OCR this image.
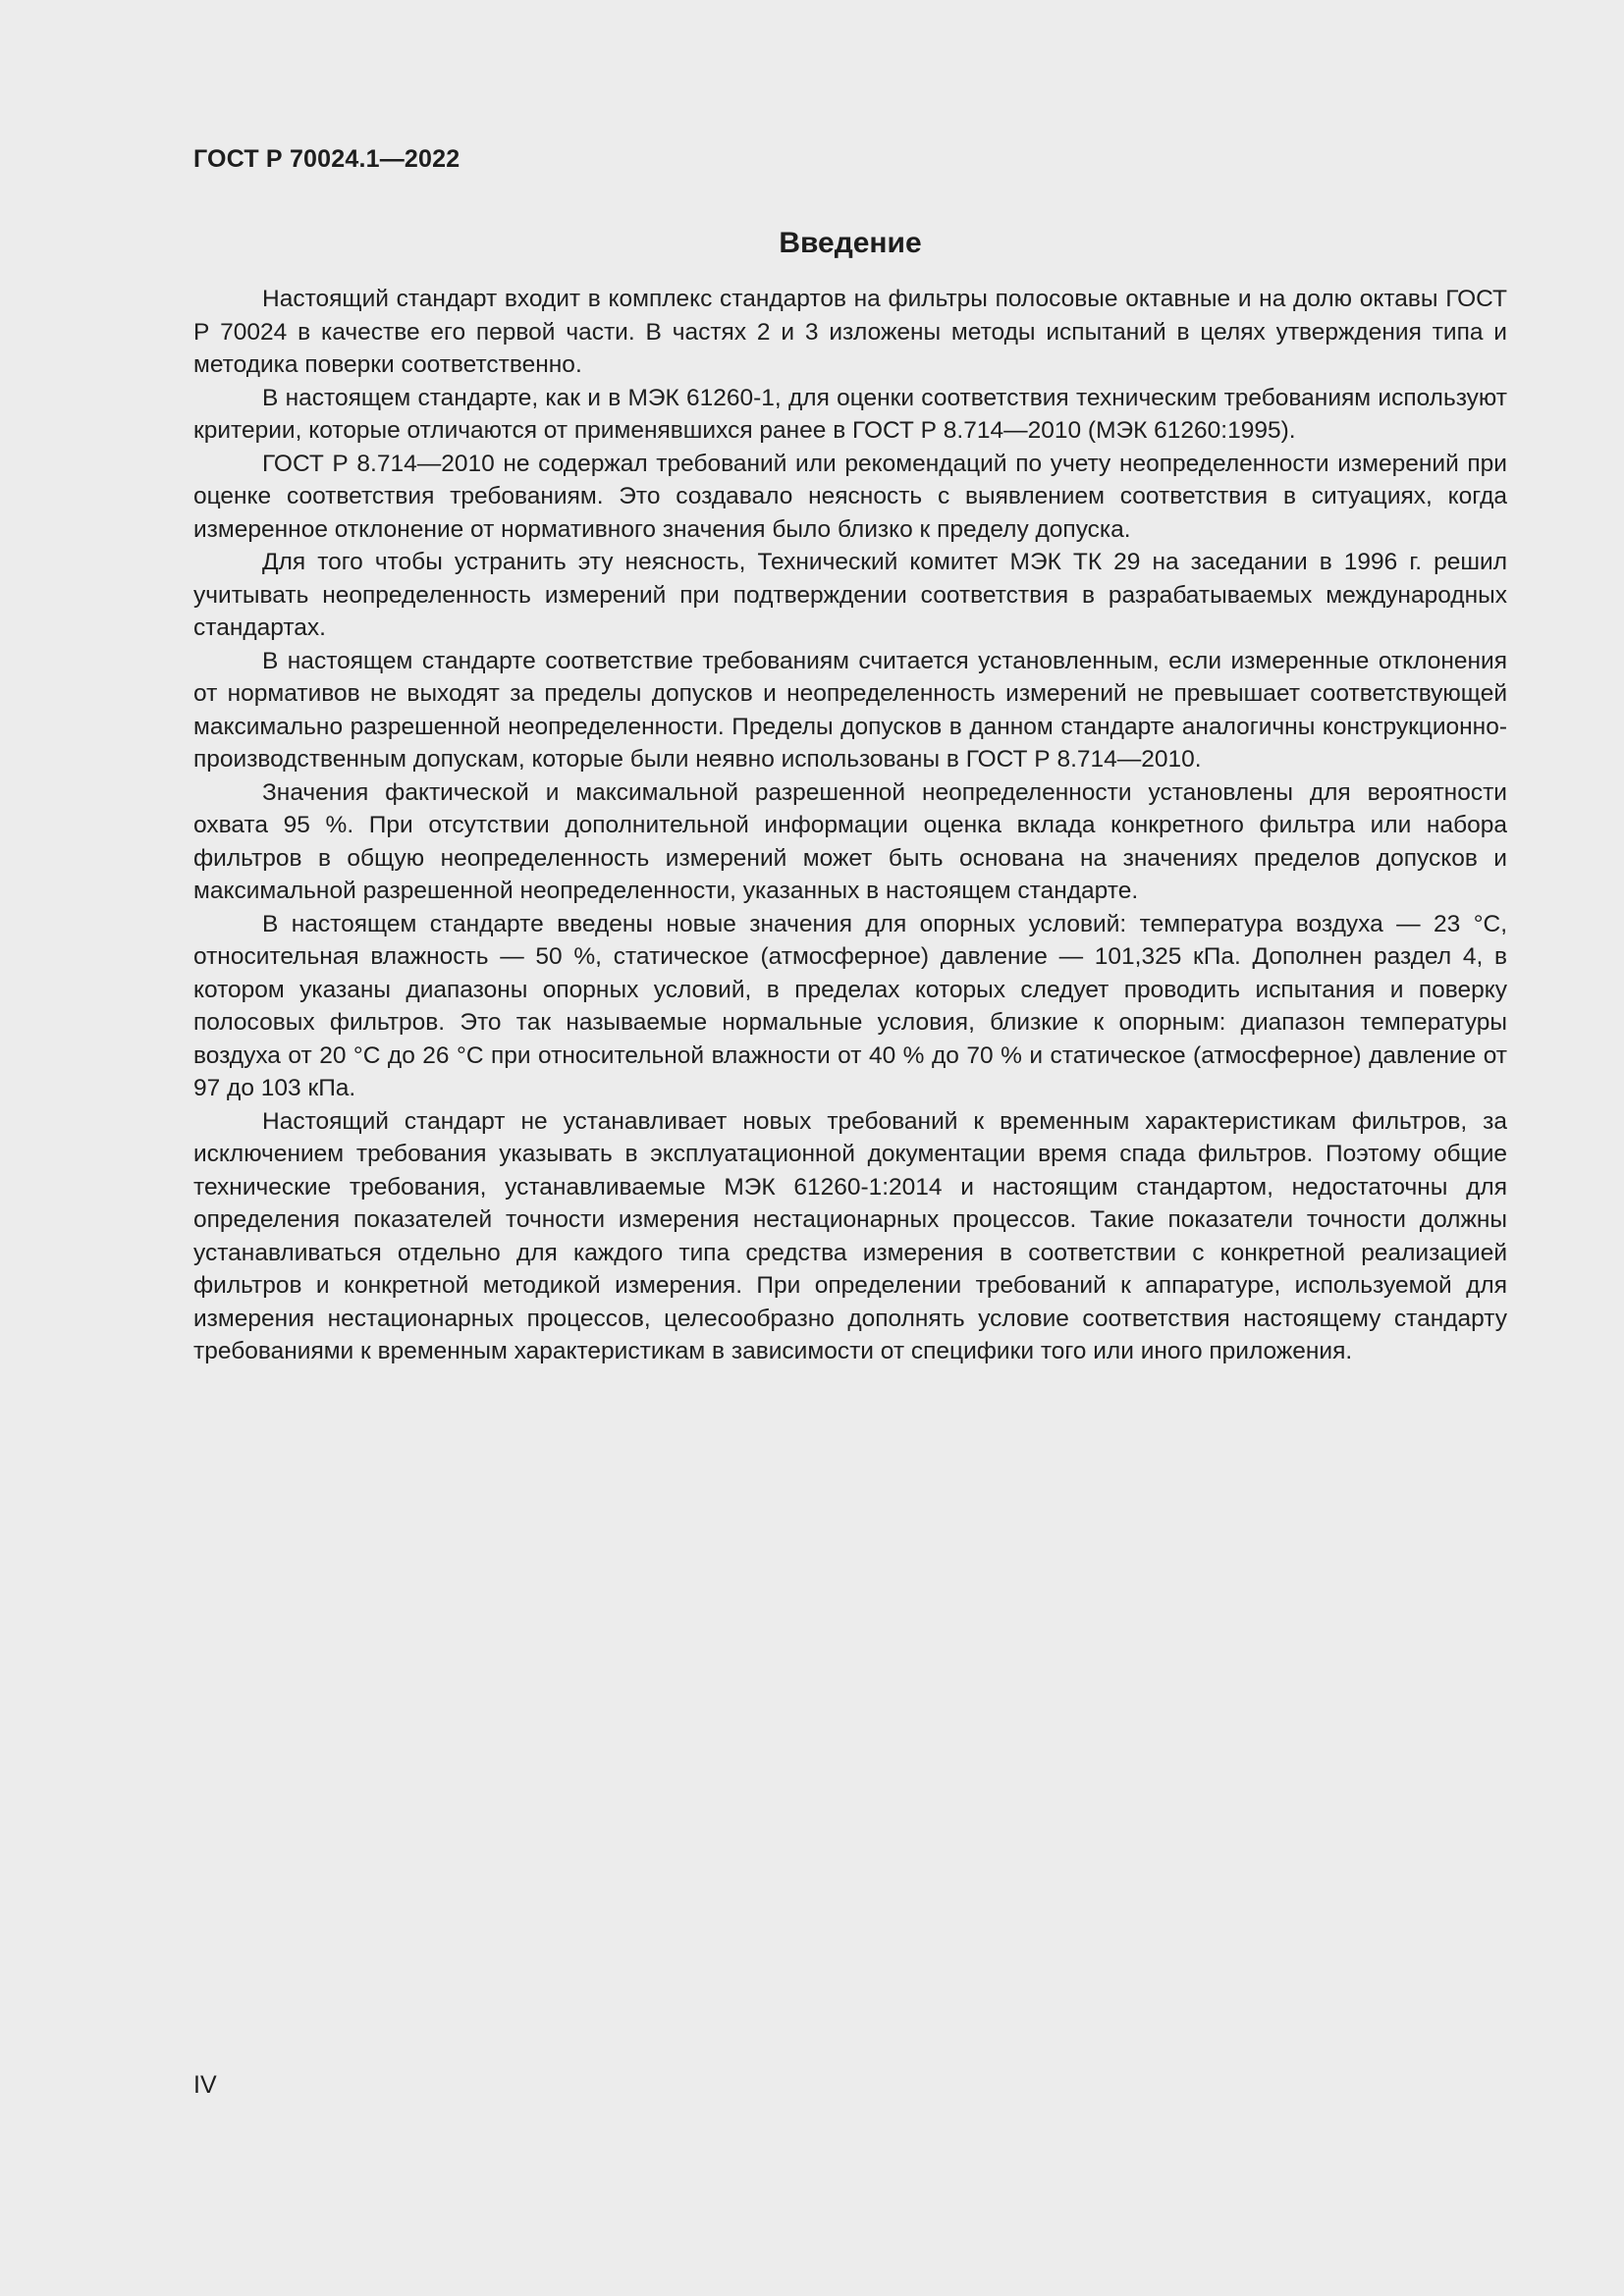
ГОСТ Р 70024.1—2022

Введение

Настоящий стандарт входит в комплекс стандартов на фильтры полосовые октавные и на долю октавы ГОСТ Р 70024 в качестве его первой части. В частях 2 и 3 изложены методы испытаний в целях утверждения типа и методика поверки соответственно.

В настоящем стандарте, как и в МЭК 61260-1, для оценки соответствия техническим требованиям используют критерии, которые отличаются от применявшихся ранее в ГОСТ Р 8.714—2010 (МЭК 61260:1995).

ГОСТ Р 8.714—2010 не содержал требований или рекомендаций по учету неопределенности измерений при оценке соответствия требованиям. Это создавало неясность с выявлением соответствия в ситуациях, когда измеренное отклонение от нормативного значения было близко к пределу допуска.

Для того чтобы устранить эту неясность, Технический комитет МЭК ТК 29 на заседании в 1996 г. решил учитывать неопределенность измерений при подтверждении соответствия в разрабатываемых международных стандартах.

В настоящем стандарте соответствие требованиям считается установленным, если измеренные отклонения от нормативов не выходят за пределы допусков и неопределенность измерений не превышает соответствующей максимально разрешенной неопределенности. Пределы допусков в данном стандарте аналогичны конструкционно-производственным допускам, которые были неявно использованы в ГОСТ Р 8.714—2010.

Значения фактической и максимальной разрешенной неопределенности установлены для вероятности охвата 95 %. При отсутствии дополнительной информации оценка вклада конкретного фильтра или набора фильтров в общую неопределенность измерений может быть основана на значениях пределов допусков и максимальной разрешенной неопределенности, указанных в настоящем стандарте.

В настоящем стандарте введены новые значения для опорных условий: температура воздуха — 23 °С, относительная влажность — 50 %, статическое (атмосферное) давление — 101,325 кПа. Дополнен раздел 4, в котором указаны диапазоны опорных условий, в пределах которых следует проводить испытания и поверку полосовых фильтров. Это так называемые нормальные условия, близкие к опорным: диапазон температуры воздуха от 20 °С до 26 °С при относительной влажности от 40 % до 70 % и статическое (атмосферное) давление от 97 до 103 кПа.

Настоящий стандарт не устанавливает новых требований к временным характеристикам фильтров, за исключением требования указывать в эксплуатационной документации время спада фильтров. Поэтому общие технические требования, устанавливаемые МЭК 61260-1:2014 и настоящим стандартом, недостаточны для определения показателей точности измерения нестационарных процессов. Такие показатели точности должны устанавливаться отдельно для каждого типа средства измерения в соответствии с конкретной реализацией фильтров и конкретной методикой измерения. При определении требований к аппаратуре, используемой для измерения нестационарных процессов, целесообразно дополнять условие соответствия настоящему стандарту требованиями к временным характеристикам в зависимости от специфики того или иного приложения.

IV
